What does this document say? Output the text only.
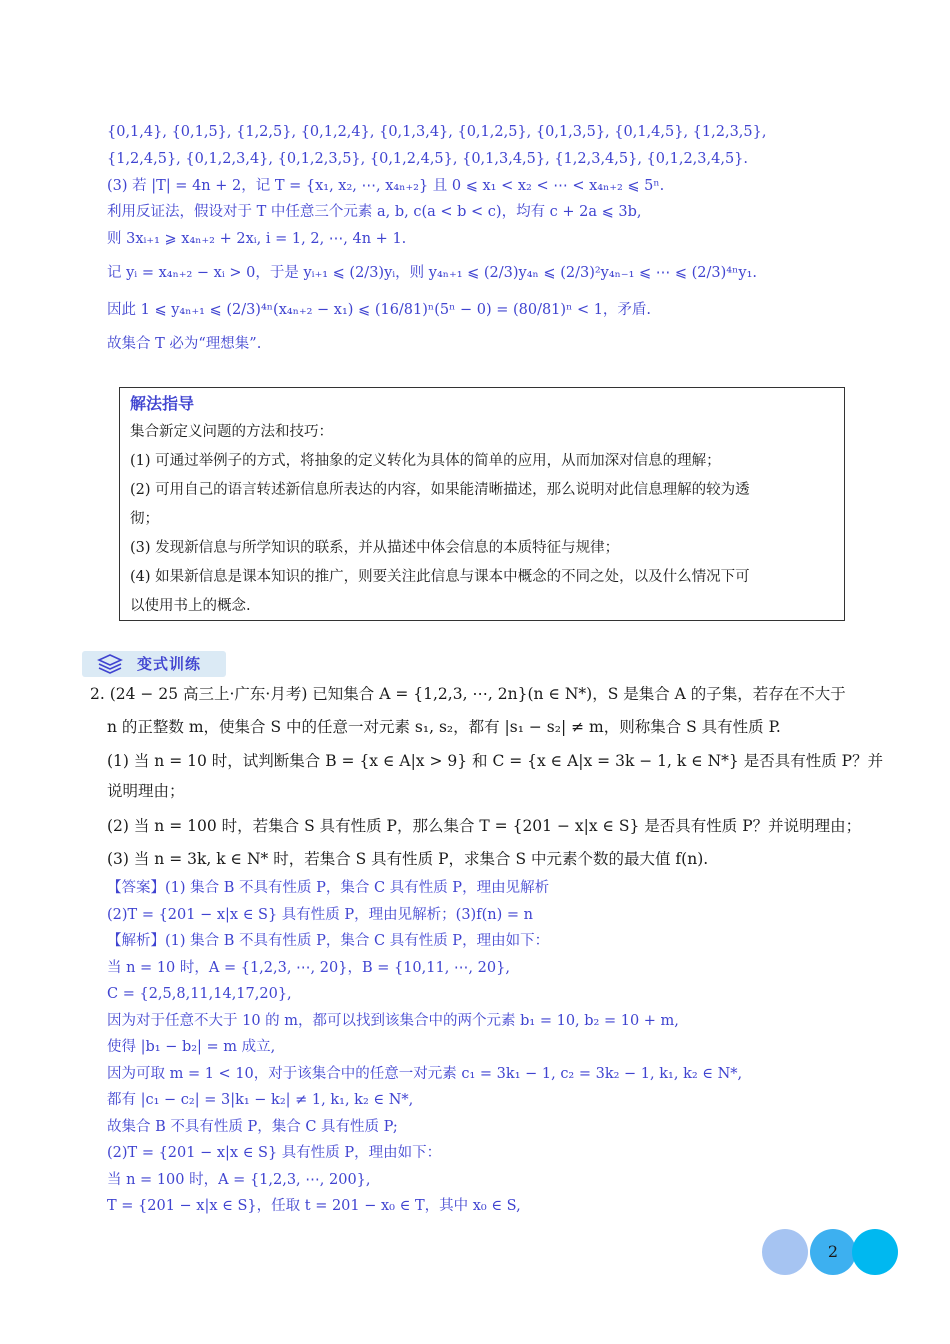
{0,1,4}, {0,1,5}, {1,2,5}, {0,1,2,4}, {0,1,3,4}, {0,1,2,5}, {0,1,3,5}, {0,1,4,5}, {1,2,3,5},
{1,2,4,5}, {0,1,2,3,4}, {0,1,2,3,5}, {0,1,2,4,5}, {0,1,3,4,5}, {1,2,3,4,5}, {0,1,2,3,4,5}.
(3) 若 |T| = 4n + 2，记 T = {x₁, x₂, ⋯, x₄ₙ₊₂} 且 0 ⩽ x₁ < x₂ < ⋯ < x₄ₙ₊₂ ⩽ 5ⁿ.
利用反证法，假设对于 T 中任意三个元素 a, b, c(a < b < c)，均有 c + 2a ⩽ 3b,
则 3xᵢ₊₁ ⩾ x₄ₙ₊₂ + 2xᵢ, i = 1, 2, ⋯, 4n + 1.
记 yᵢ = x₄ₙ₊₂ − xᵢ > 0，于是 yᵢ₊₁ ⩽ (2/3)yᵢ，则 y₄ₙ₊₁ ⩽ (2/3)y₄ₙ ⩽ (2/3)²y₄ₙ₋₁ ⩽ ⋯ ⩽ (2/3)⁴ⁿy₁.
因此 1 ⩽ y₄ₙ₊₁ ⩽ (2/3)⁴ⁿ(x₄ₙ₊₂ − x₁) ⩽ (16/81)ⁿ(5ⁿ − 0) = (80/81)ⁿ < 1，矛盾.
故集合 T 必为“理想集”.
解法指导
集合新定义问题的方法和技巧：
(1) 可通过举例子的方式，将抽象的定义转化为具体的简单的应用，从而加深对信息的理解；
(2) 可用自己的语言转述新信息所表达的内容，如果能清晰描述，那么说明对此信息理解的较为透
彻；
(3) 发现新信息与所学知识的联系，并从描述中体会信息的本质特征与规律；
(4) 如果新信息是课本知识的推广，则要关注此信息与课本中概念的不同之处，以及什么情况下可
以使用书上的概念.
变式训练
2. (24 − 25 高三上·广东·月考) 已知集合 A = {1,2,3, ⋯, 2n}(n ∈ N*)，S 是集合 A 的子集，若存在不大于
n 的正整数 m，使集合 S 中的任意一对元素 s₁, s₂，都有 |s₁ − s₂| ≠ m，则称集合 S 具有性质 P.
(1) 当 n = 10 时，试判断集合 B = {x ∈ A|x > 9} 和 C = {x ∈ A|x = 3k − 1, k ∈ N*} 是否具有性质 P？并
说明理由；
(2) 当 n = 100 时，若集合 S 具有性质 P，那么集合 T = {201 − x|x ∈ S} 是否具有性质 P？并说明理由；
(3) 当 n = 3k, k ∈ N* 时，若集合 S 具有性质 P，求集合 S 中元素个数的最大值 f(n).
【答案】(1) 集合 B 不具有性质 P，集合 C 具有性质 P，理由见解析
(2)T = {201 − x|x ∈ S} 具有性质 P，理由见解析；(3)f(n) = n
【解析】(1) 集合 B 不具有性质 P，集合 C 具有性质 P，理由如下：
当 n = 10 时，A = {1,2,3, ⋯, 20}，B = {10,11, ⋯, 20},
C = {2,5,8,11,14,17,20},
因为对于任意不大于 10 的 m，都可以找到该集合中的两个元素 b₁ = 10, b₂ = 10 + m,
使得 |b₁ − b₂| = m 成立,
因为可取 m = 1 < 10，对于该集合中的任意一对元素 c₁ = 3k₁ − 1, c₂ = 3k₂ − 1, k₁, k₂ ∈ N*,
都有 |c₁ − c₂| = 3|k₁ − k₂| ≠ 1, k₁, k₂ ∈ N*,
故集合 B 不具有性质 P，集合 C 具有性质 P;
(2)T = {201 − x|x ∈ S} 具有性质 P，理由如下：
当 n = 100 时，A = {1,2,3, ⋯, 200},
T = {201 − x|x ∈ S}，任取 t = 201 − x₀ ∈ T，其中 x₀ ∈ S,
2
